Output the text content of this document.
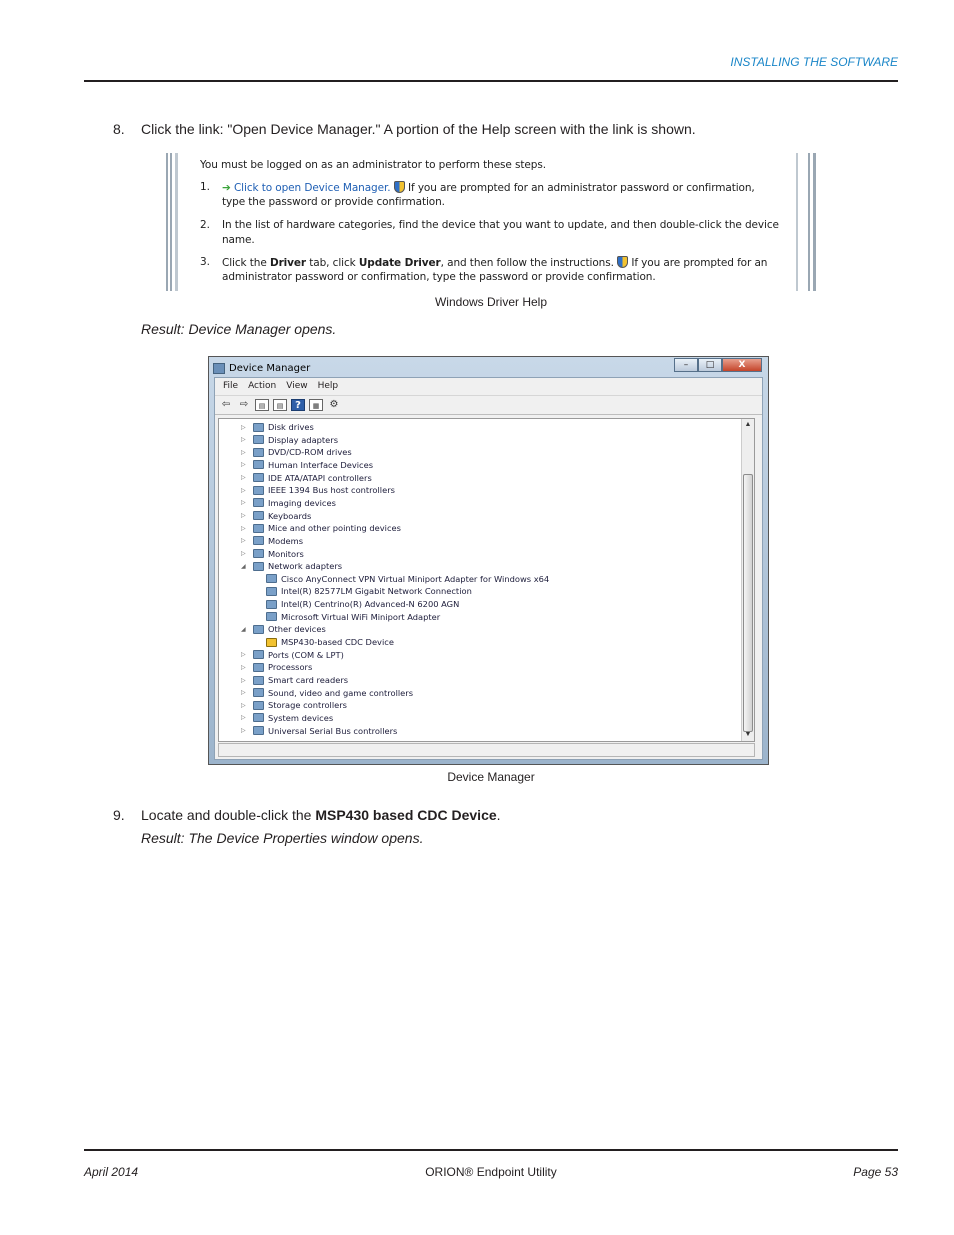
INSTALLING THE SOFTWARE
8. Click the link: "Open Device Manager." A portion of the Help screen with the link is shown.
You must be logged on as an administrator to perform these steps.
1. ➔ Click to open Device Manager. If you are prompted for an administrator password or confirmation,
type the password or provide confirmation.
2. In the list of hardware categories, find the device that you want to update, and then double-click the device
name.
3. Click the Driver tab, click Update Driver, and then follow the instructions. If you are prompted for an
administrator password or confirmation, type the password or provide confirmation.
Windows Driver Help
Result: Device Manager opens.
Device Manager	–	□	X
File Action View Help
⇦ ⇨	▤	▤	?	▦	⚙
▲
▼
▷	Disk drives
▷	Display adapters
▷	DVD/CD-ROM drives
▷	Human Interface Devices
▷	IDE ATA/ATAPI controllers
▷	IEEE 1394 Bus host controllers
▷	Imaging devices
▷	Keyboards
▷	Mice and other pointing devices
▷	Modems
▷	Monitors
◢	Network adapters
Cisco AnyConnect VPN Virtual Miniport Adapter for Windows x64
Intel(R) 82577LM Gigabit Network Connection
Intel(R) Centrino(R) Advanced-N 6200 AGN
Microsoft Virtual WiFi Miniport Adapter
◢	Other devices
MSP430-based CDC Device
▷	Ports (COM & LPT)
▷	Processors
▷	Smart card readers
▷	Sound, video and game controllers
▷	Storage controllers
▷	System devices
▷	Universal Serial Bus controllers
Device Manager
9. Locate and double-click the MSP430 based CDC Device.
Result: The Device Properties window opens.
April 2014	ORION® Endpoint Utility	Page 53
